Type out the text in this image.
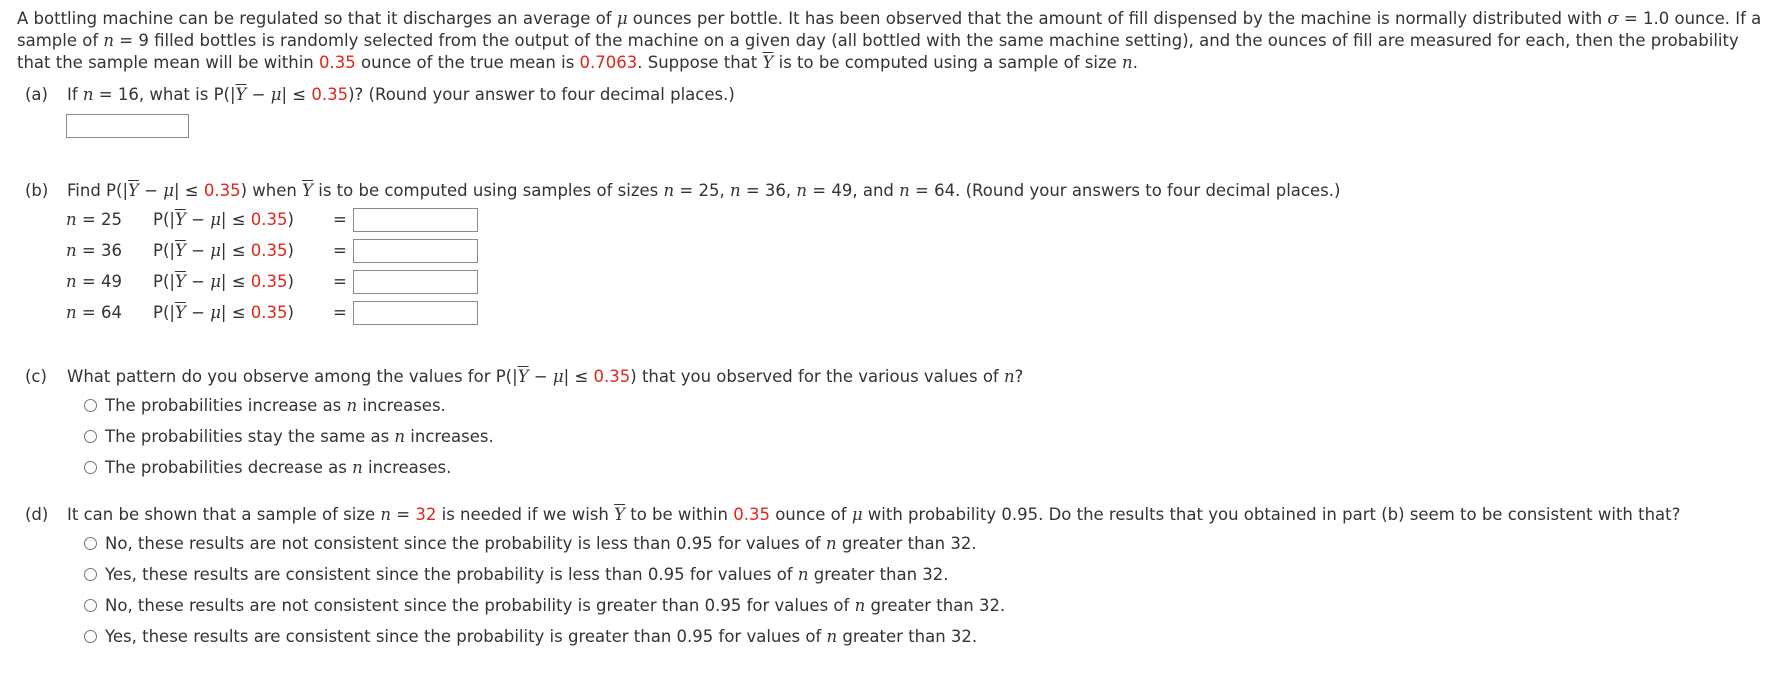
A bottling machine can be regulated so that it discharges an average of μ ounces per bottle. It has been observed that the amount of fill dispensed by the machine is normally distributed with σ = 1.0 ounce. If a sample of n = 9 filled bottles is randomly selected from the output of the machine on a given day (all bottled with the same machine setting), and the ounces of fill are measured for each, then the probability that the sample mean will be within 0.35 ounce of the true mean is 0.7063. Suppose that $\overline{Y}$ is to be computed using a sample of size n.

(a)	If n = 16, what is $P(|\overline{Y} - \mu| \le 0.35)$? (Round your answer to four decimal places.)
(b)	Find $P(|\overline{Y} - \mu| \le 0.35)$ when $\overline{Y}$ is to be computed using samples of sizes n = 25, n = 36, n = 49, and n = 64. (Round your answers to four decimal places.)
n = 25	$P(|\overline{Y} - \mu| \le 0.35)$	=
n = 36	$P(|\overline{Y} - \mu| \le 0.35)$	=
n = 49	$P(|\overline{Y} - \mu| \le 0.35)$	=
n = 64	$P(|\overline{Y} - \mu| \le 0.35)$	=
(c)	What pattern do you observe among the values for $P(|\overline{Y} - \mu| \le 0.35)$ that you observed for the various values of n?
The probabilities increase as n increases.
The probabilities stay the same as n increases.
The probabilities decrease as n increases.
(d)	It can be shown that a sample of size n = 32 is needed if we wish $\overline{Y}$ to be within 0.35 ounce of μ with probability 0.95. Do the results that you obtained in part (b) seem to be consistent with that?
No, these results are not consistent since the probability is less than 0.95 for values of n greater than 32.
Yes, these results are consistent since the probability is less than 0.95 for values of n greater than 32.
No, these results are not consistent since the probability is greater than 0.95 for values of n greater than 32.
Yes, these results are consistent since the probability is greater than 0.95 for values of n greater than 32.
